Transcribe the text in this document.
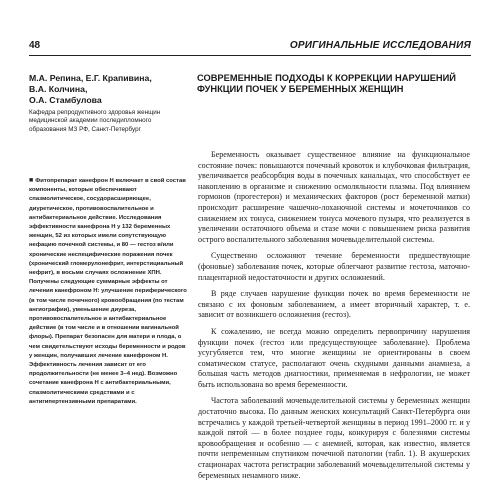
48	ОРИГИНАЛЬНЫЕ ИССЛЕДОВАНИЯ
М.А. Репина, Е.Г. Крапивина,
В.А. Колчина,
О.А. Стамбулова
Кафедра репродуктивного здоровья женщин медицинской академии последипломного образования МЗ РФ, Санкт-Петербург
СОВРЕМЕННЫЕ ПОДХОДЫ К КОРРЕКЦИИ НАРУШЕНИЙ ФУНКЦИИ ПОЧЕК У БЕРЕМЕННЫХ ЖЕНЩИН
■ Фитопрепарат канефрон Н включает в свой состав компоненты, которые обеспечивают спазмолитическое, сосудорасширяющее, диуретическое, противовоспалительное и антибактериальное действие. Исследования эффективности канефрона Н у 132 беременных женщин, 52 из которых имели сопутствующую нефацию почечной системы, и 80 — гестоз в/или хронические неспецифические поражения почек (хронический гломерулонефрит, интерстициальный нефрит), в восьми случаях осложнение ХПН. Получены следующие суммарные эффекты от лечения канефроном Н: улучшение периферического (в том числе почечного) кровообращения (по тестам ангиографии), уменьшение диуреза, противовоспалительное и антибактериальное действие (в том числе и в отношении вагинальной флоры). Препарат безопасен для матери и плода, о чем свидетельствуют исходы беременности и родов у женщин, получавших лечение канефроном Н. Эффективность лечения зависит от его продолжительности (не менее 3–4 нед). Возможно сочетание канефрона Н с антибактериальными, спазмолитическими средствами и с антигипертензивными препаратами.

Беременность оказывает существенное влияние на функциональное состояние почек: повышаются почечный кровоток и клубочковая фильтрация, увеличивается реабсорбция воды в почечных канальцах, что способствует ее накоплению в организме и снижению осмоляльности плазмы. Под влиянием гормонов (прогестерон) и механических факторов (рост беременной матки) происходит расширение чашечно-лоханочной системы и мочеточников со снижением их тонуса, снижением тонуса мочевого пузыря, что реализуется в увеличении остаточного объема и стазе мочи с повышением риска развития острого воспалительного заболевания мочевыделительной системы.

Существенно осложняют течение беременности предшествующие (фоновые) заболевания почек, которые облегчают развитие гестоза, маточно-плацентарной недостаточности и других осложнений.

В ряде случаев нарушение функции почек во время беременности не связано с их фоновым заболеванием, а имеет вторичный характер, т. е. зависит от возникшего осложнения (гестоз).

К сожалению, не всегда можно определить первопричину нарушения функции почек (гестоз или предсуществующее заболевание). Проблема усугубляется тем, что многие женщины не ориентированы в своем соматическом статусе, располагают очень скудными данными анамнеза, а большая часть методов диагностики, применяемая в нефрологии, не может быть использована во время беременности.

Частота заболеваний мочевыделительной системы у беременных женщин достаточно высока. По данным женских консультаций Санкт-Петербурга они встречались у каждой третьей-четвертой женщины в период 1991–2000 гг. и у каждой пятой — в более позднее годы, конкурируя с болезнями системы кровообращения и особенно — с анемией, которая, как известно, является почти непременным спутником почечной патологии (табл. 1). В акушерских стационарах частота регистрации заболеваний мочевыделительной системы у беременных ненамного ниже.
